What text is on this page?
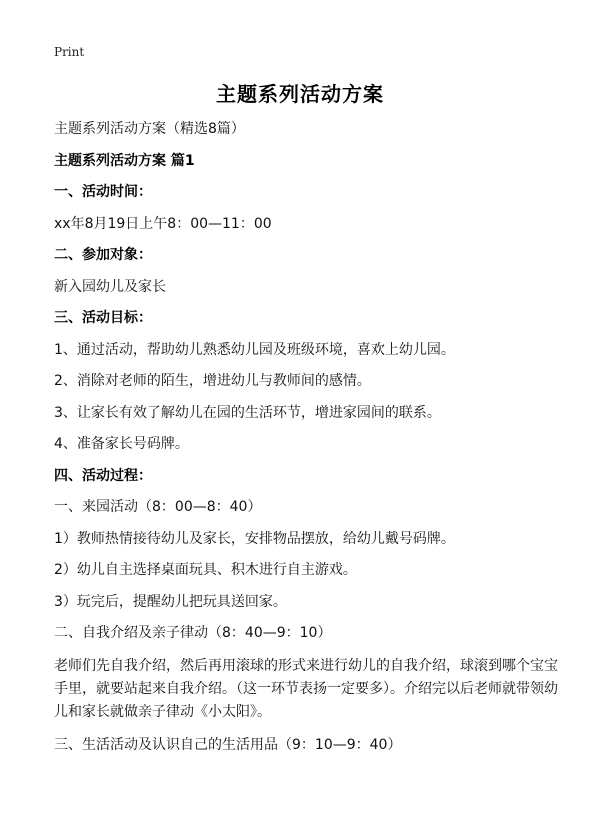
Print
主题系列活动方案
主题系列活动方案（精选8篇）
主题系列活动方案 篇1
一、活动时间：
xx年8月19日上午8：00—11：00
二、参加对象：
新入园幼儿及家长
三、活动目标：
1、通过活动，帮助幼儿熟悉幼儿园及班级环境，喜欢上幼儿园。
2、消除对老师的陌生，增进幼儿与教师间的感情。
3、让家长有效了解幼儿在园的生活环节，增进家园间的联系。
4、准备家长号码牌。
四、活动过程：
一、来园活动（8：00—8：40）
1）教师热情接待幼儿及家长，安排物品摆放，给幼儿戴号码牌。
2）幼儿自主选择桌面玩具、积木进行自主游戏。
3）玩完后，提醒幼儿把玩具送回家。
二、自我介绍及亲子律动（8：40—9：10）
老师们先自我介绍，然后再用滚球的形式来进行幼儿的自我介绍，球滚到哪个宝宝手里，就要站起来自我介绍。（这一环节表扬一定要多）。介绍完以后老师就带领幼儿和家长就做亲子律动《小太阳》。
三、生活活动及认识自己的生活用品（9：10—9：40）
